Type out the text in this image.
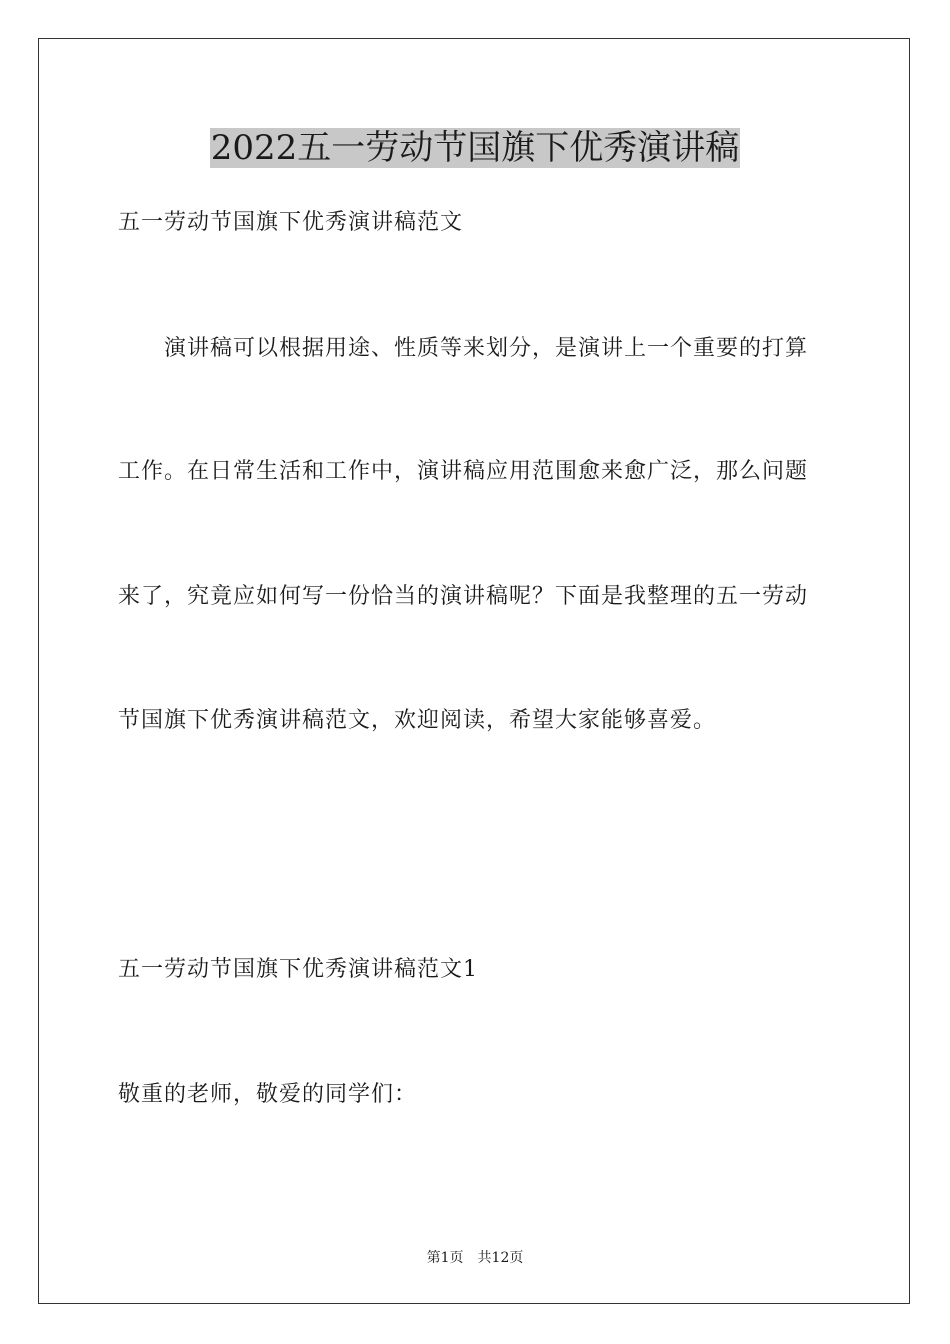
2022五一劳动节国旗下优秀演讲稿
五一劳动节国旗下优秀演讲稿范文
演讲稿可以根据用途、性质等来划分，是演讲上一个重要的打算
工作。在日常生活和工作中，演讲稿应用范围愈来愈广泛，那么问题
来了，究竟应如何写一份恰当的演讲稿呢？下面是我整理的五一劳动
节国旗下优秀演讲稿范文，欢迎阅读，希望大家能够喜爱。
五一劳动节国旗下优秀演讲稿范文1
敬重的老师，敬爱的同学们：
第1页 共12页
